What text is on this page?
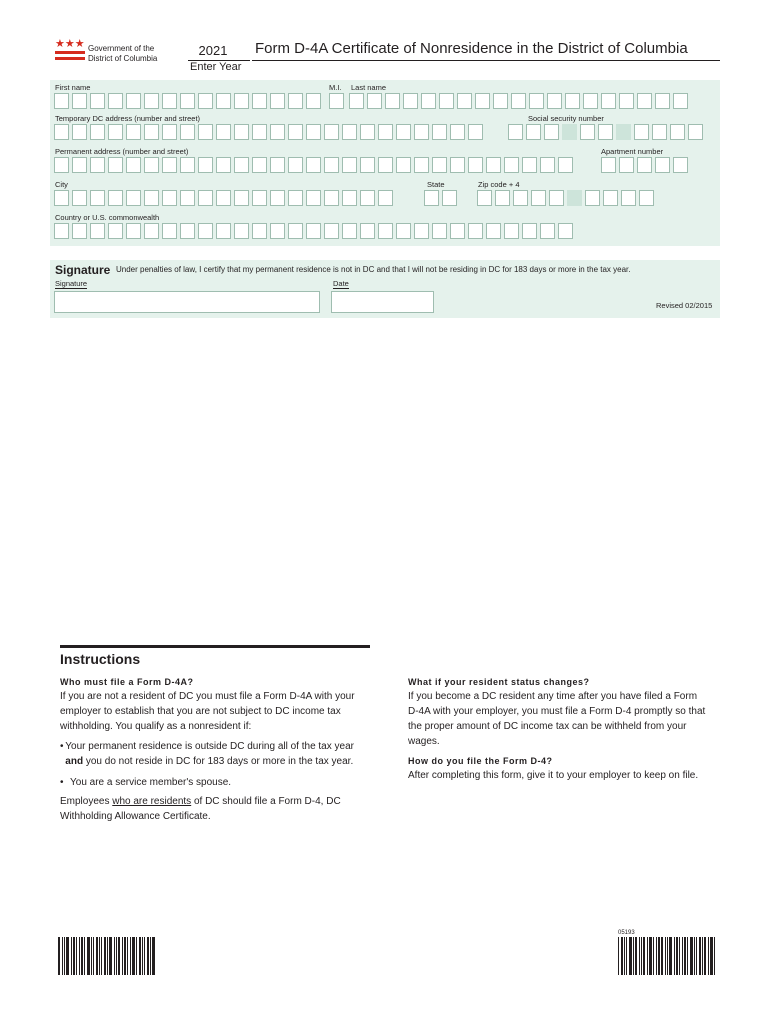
★★★ Government of the
District of Columbia
2021
Enter Year
Form D-4A Certificate of Nonresidence in the District of Columbia
First name	M.I. Last name
Temporary DC address (number and street)	Social security number
Permanent address (number and street)	Apartment number
City	State	Zip code + 4
Country or U.S. commonwealth
Signature Under penalties of law, I certify that my permanent residence is not in DC and that I will not be residing in DC for 183 days or more in the tax year.
Signature	Date
Revised 02/2015
Instructions
Who must file a Form D-4A?
If you are not a resident of DC you must file a Form D-4A with your employer to establish that you are not subject to DC income tax withholding. You qualify as a nonresident if:
• Your permanent residence is outside DC during all of the tax year and you do not reside in DC for 183 days or more in the tax year.
• You are a service member's spouse.
Employees who are residents of DC should file a Form D-4, DC Withholding Allowance Certificate.
What if your resident status changes?
If you become a DC resident any time after you have filed a Form D-4A with your employer, you must file a Form D-4 promptly so that the proper amount of DC income tax can be withheld from your wages.
How do you file the Form D-4?
After completing this form, give it to your employer to keep on file.
05193
